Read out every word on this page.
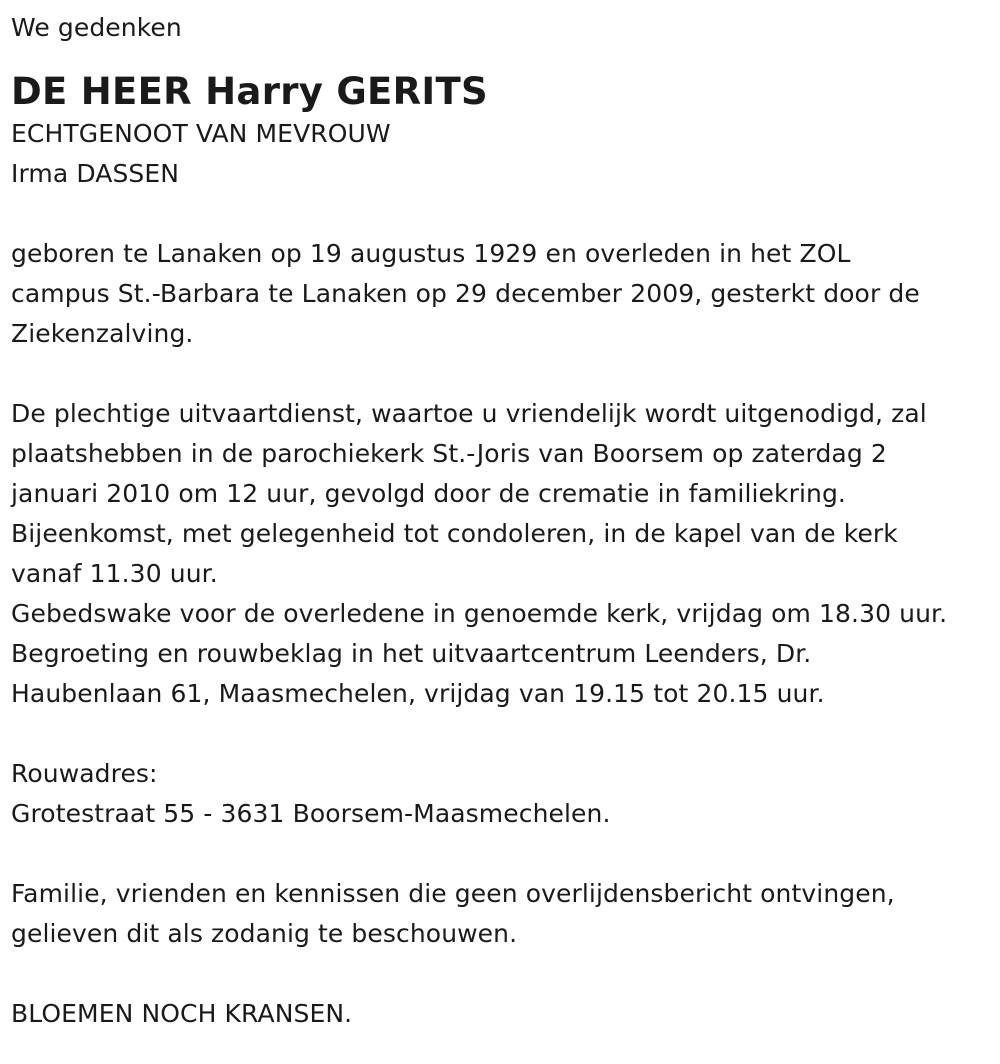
We gedenken

DE HEER Harry GERITS
ECHTGENOOT VAN MEVROUW
Irma DASSEN
geboren te Lanaken op 19 augustus 1929 en overleden in het ZOL
campus St.-Barbara te Lanaken op 29 december 2009, gesterkt door de
Ziekenzalving.
De plechtige uitvaartdienst, waartoe u vriendelijk wordt uitgenodigd, zal
plaatshebben in de parochiekerk St.-Joris van Boorsem op zaterdag 2
januari 2010 om 12 uur, gevolgd door de crematie in familiekring.
Bijeenkomst, met gelegenheid tot condoleren, in de kapel van de kerk
vanaf 11.30 uur.
Gebedswake voor de overledene in genoemde kerk, vrijdag om 18.30 uur.
Begroeting en rouwbeklag in het uitvaartcentrum Leenders, Dr.
Haubenlaan 61, Maasmechelen, vrijdag van 19.15 tot 20.15 uur.
Rouwadres:
Grotestraat 55 - 3631 Boorsem-Maasmechelen.
Familie, vrienden en kennissen die geen overlijdensbericht ontvingen,
gelieven dit als zodanig te beschouwen.
BLOEMEN NOCH KRANSEN.
